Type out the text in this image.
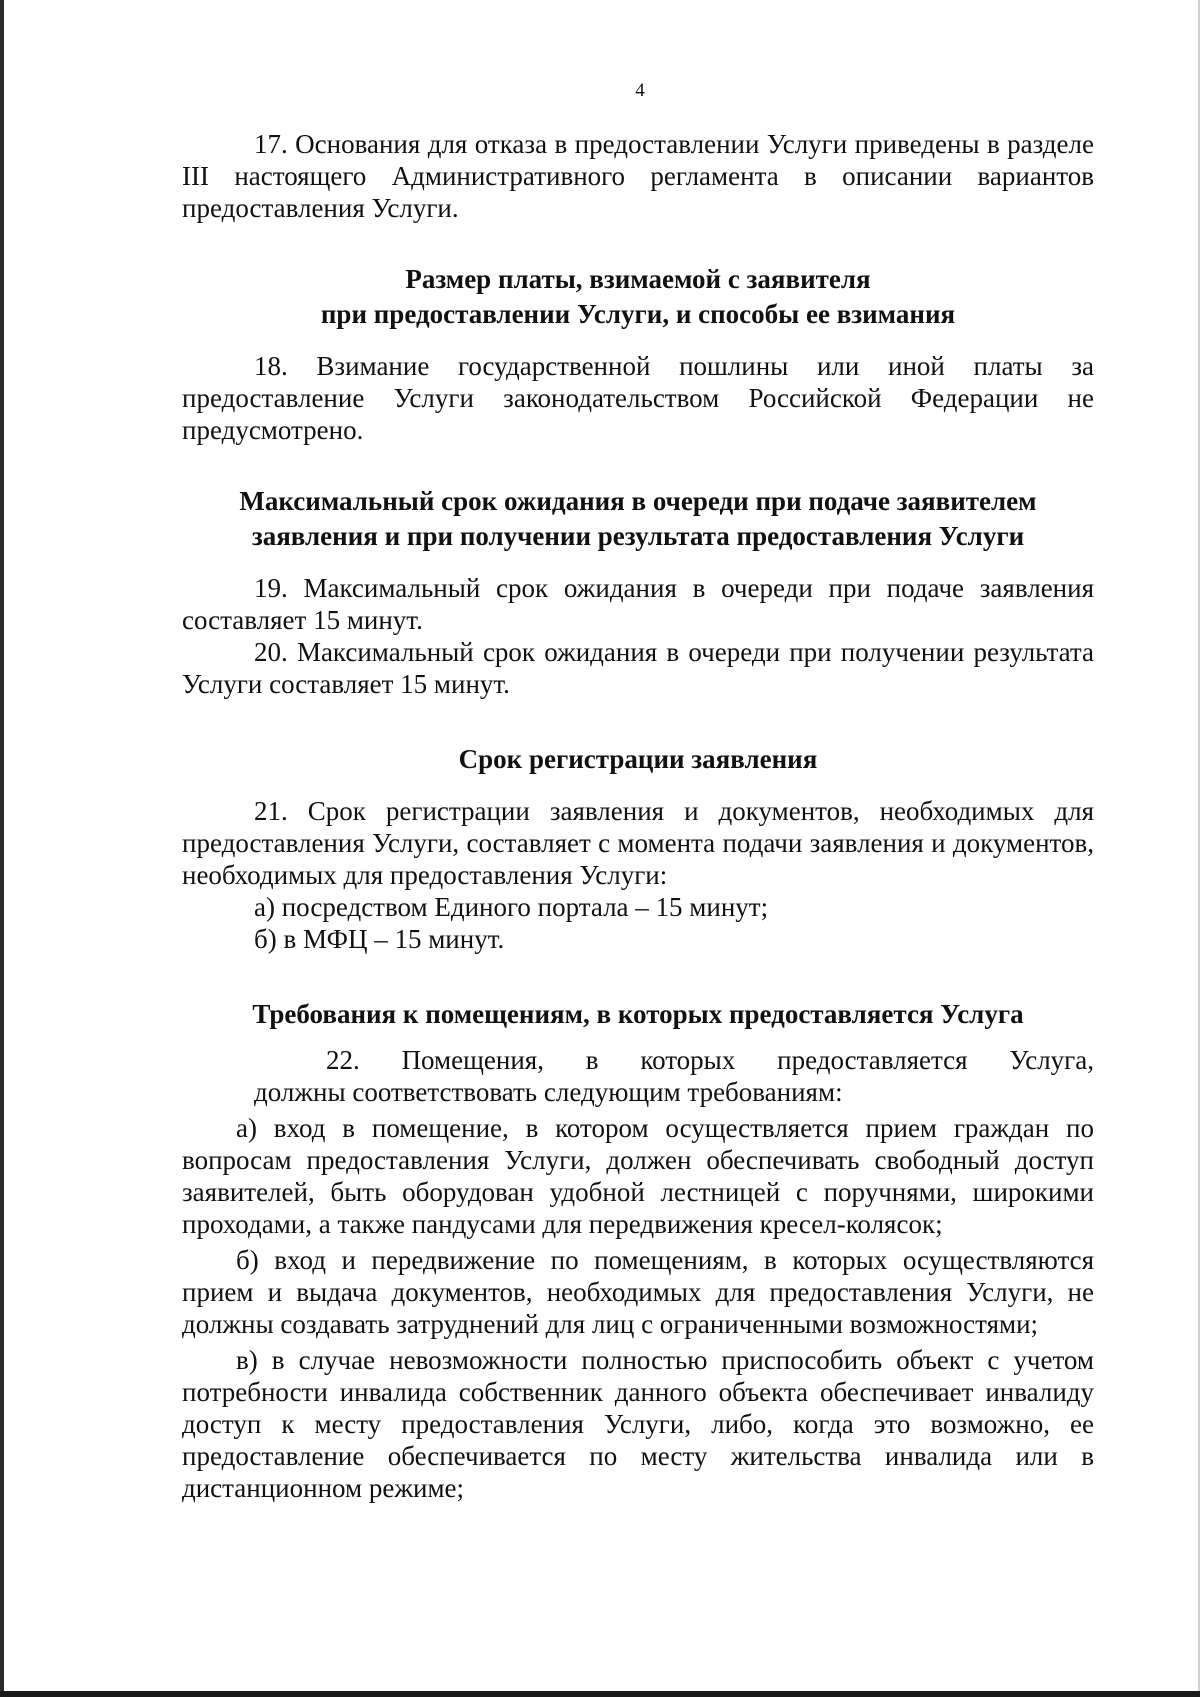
4

17. Основания для отказа в предоставлении Услуги приведены в разделе III настоящего Административного регламента в описании вариантов предоставления Услуги.

Размер платы, взимаемой с заявителя

при предоставлении Услуги, и способы ее взимания

18. Взимание государственной пошлины или иной платы за предоставление Услуги законодательством Российской Федерации не предусмотрено.

Максимальный срок ожидания в очереди при подаче заявителем

заявления и при получении результата предоставления Услуги

19. Максимальный срок ожидания в очереди при подаче заявления составляет 15 минут.

20. Максимальный срок ожидания в очереди при получении результата Услуги составляет 15 минут.

Срок регистрации заявления

21. Срок регистрации заявления и документов, необходимых для предоставления Услуги, составляет с момента подачи заявления и документов, необходимых для предоставления Услуги:

а) посредством Единого портала – 15 минут;

б) в МФЦ – 15 минут.

Требования к помещениям, в которых предоставляется Услуга

22. Помещения, в которых предоставляется Услуга,

должны соответствовать следующим требованиям:

а) вход в помещение, в котором осуществляется прием граждан по вопросам предоставления Услуги, должен обеспечивать свободный доступ заявителей, быть оборудован удобной лестницей с поручнями, широкими проходами, а также пандусами для передвижения кресел-колясок;

б) вход и передвижение по помещениям, в которых осуществляются прием и выдача документов, необходимых для предоставления Услуги, не должны создавать затруднений для лиц с ограниченными возможностями;

в) в случае невозможности полностью приспособить объект с учетом потребности инвалида собственник данного объекта обеспечивает инвалиду доступ к месту предоставления Услуги, либо, когда это возможно, ее предоставление обеспечивается по месту жительства инвалида или в дистанционном режиме;
